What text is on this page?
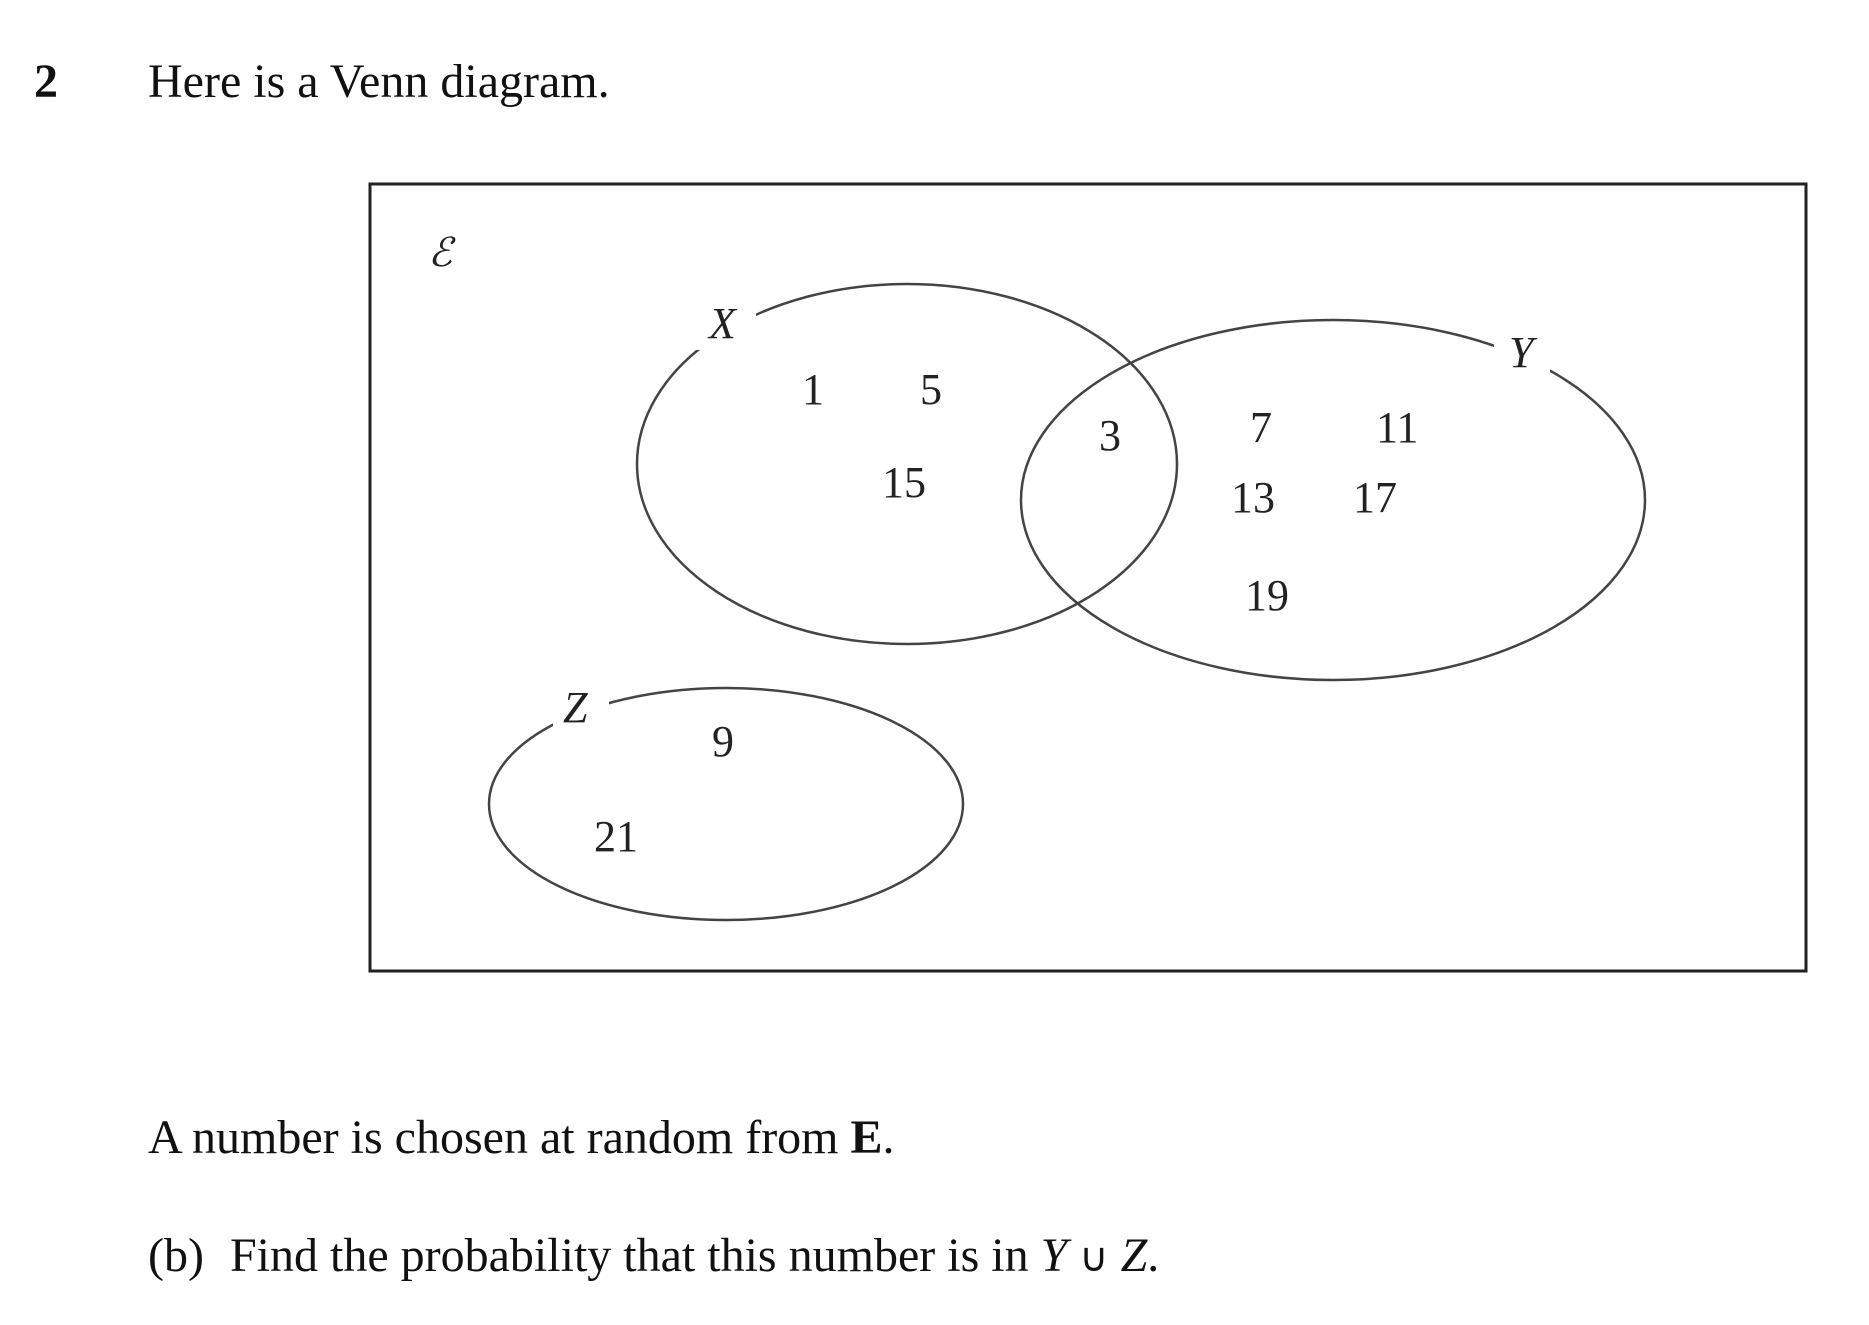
2 Here is a Venn diagram.
ℰ
X
Y
Z
1 5
15
3	7 11
13 17
19
9
21
A number is chosen at random from E.
(b) Find the probability that this number is in Y ∪ Z.
